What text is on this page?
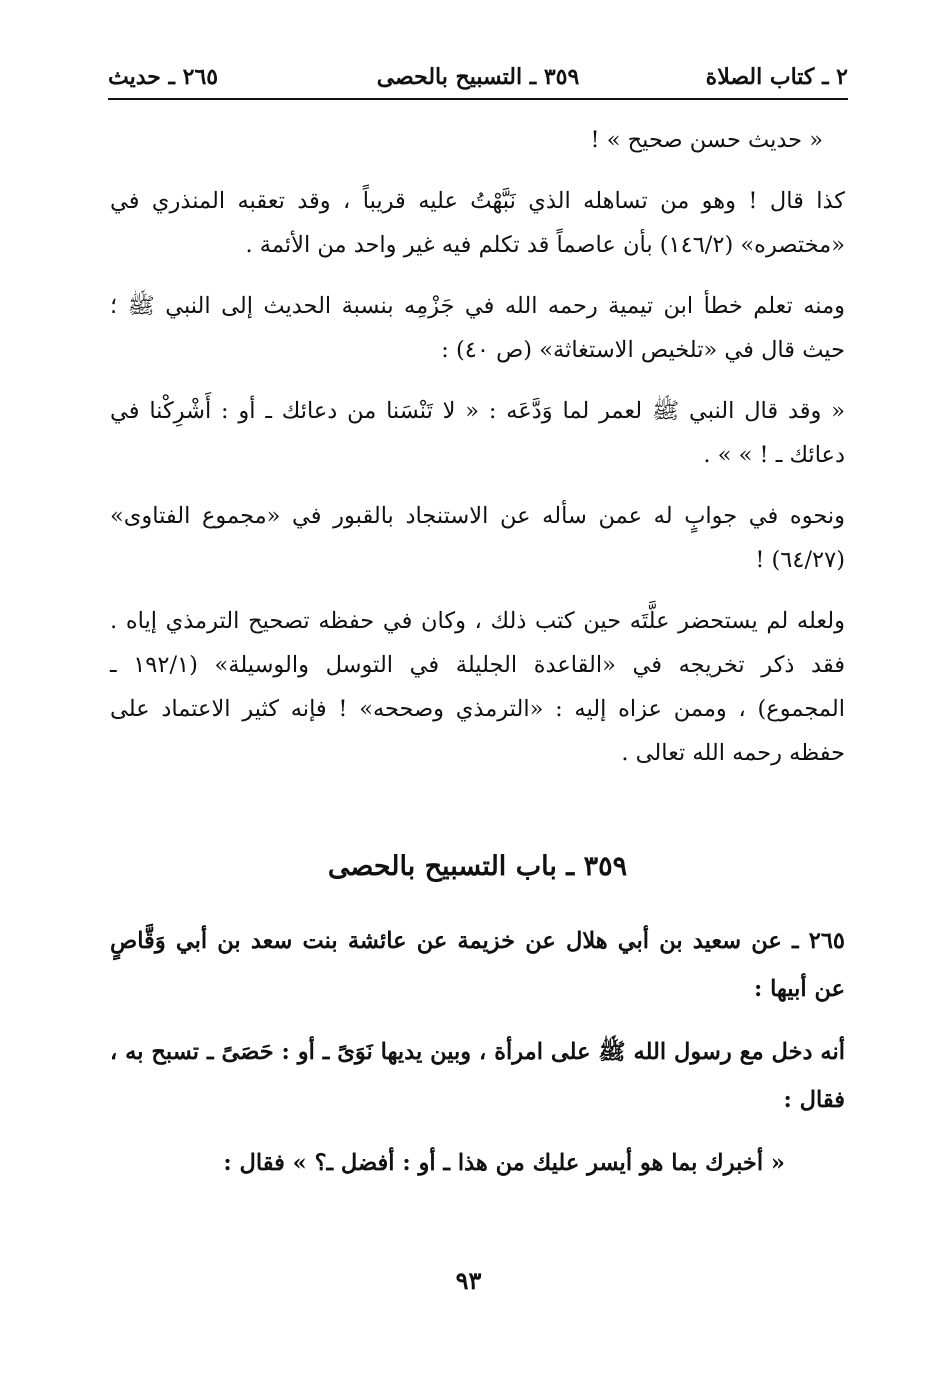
٢ ـ كتاب الصلاة
٣٥٩ ـ التسبيح بالحصى
٢٦٥ ـ حديث

« حديث حسن صحيح » !

كذا قال ! وهو من تساهله الذي نَبَّهْتُ عليه قريباً ، وقد تعقبه المنذري في «مختصره» (١٤٦/٢) بأن عاصماً قد تكلم فيه غير واحد من الأئمة .

ومنه تعلم خطأ ابن تيمية رحمه الله في جَزْمِه بنسبة الحديث إلى النبي ﷺ ؛ حيث قال في «تلخيص الاستغاثة» (ص ٤٠) :

« وقد قال النبي ﷺ لعمر لما وَدَّعَه : « لا تَنْسَنا من دعائك ـ أو : أَشْرِكْنا في دعائك ـ ! » » .

ونحوه في جوابٍ له عمن سأله عن الاستنجاد بالقبور في «مجموع الفتاوى» (٦٤/٢٧) !

ولعله لم يستحضر علَّتَه حين كتب ذلك ، وكان في حفظه تصحيح الترمذي إياه . فقد ذكر تخريجه في «القاعدة الجليلة في التوسل والوسيلة» (١٩٢/١ ـ المجموع) ، وممن عزاه إليه : «الترمذي وصححه» ! فإنه كثير الاعتماد على حفظه رحمه الله تعالى .

٣٥٩ ـ باب التسبيح بالحصى

٢٦٥ ـ عن سعيد بن أبي هلال عن خزيمة عن عائشة بنت سعد بن أبي وَقَّاصٍ عن أبيها :

أنه دخل مع رسول الله ﷺ على امرأة ، وبين يديها نَوَىً ـ أو : حَصَىً ـ تسبح به ، فقال :

« أخبرك بما هو أيسر عليك من هذا ـ أو : أفضل ـ؟ » فقال :

٩٣
